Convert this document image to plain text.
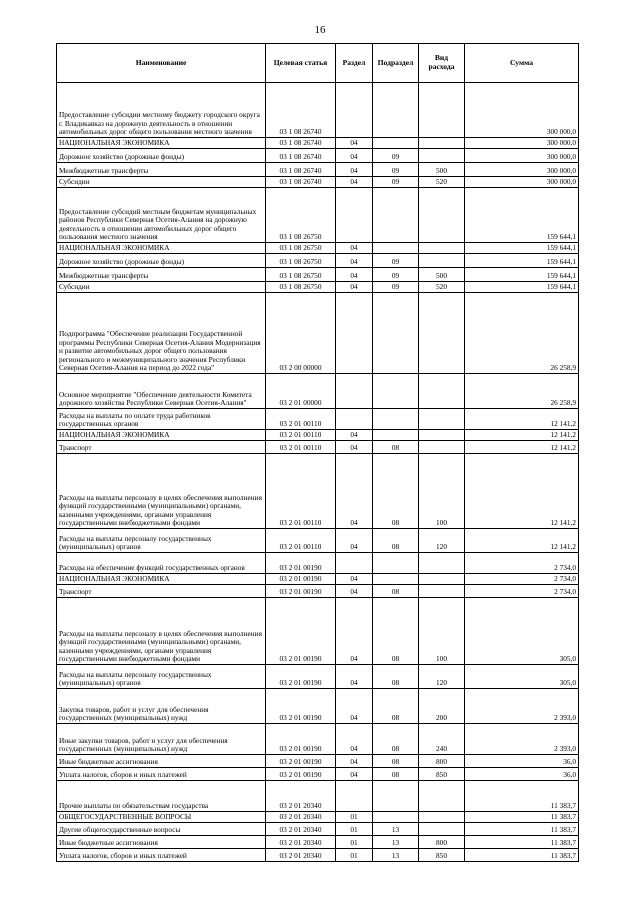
16
Наименование	Целевая статья	Раздел	Подраздел	Вид расхода	Сумма
Предоставление субсидии местному бюджету городского округа г. Владикавказ на дорожную деятельность в отношении автомобильных дорог общего пользования местного значения	03 1 08 26740				300 000,0
НАЦИОНАЛЬНАЯ ЭКОНОМИКА	03 1 08 26740	04			300 000,0
Дорожное хозяйство (дорожные фонды)	03 1 08 26740	04	09		300 000,0
Межбюджетные трансферты	03 1 08 26740	04	09	500	300 000,0
Субсидии	03 1 08 26740	04	09	520	300 000,0
Предоставление субсидий местным бюджетам муниципальных районов Республики Северная Осетия-Алания на дорожную деятельность в отношении автомобильных дорог общего пользования местного значения	03 1 08 26750				159 644,1
НАЦИОНАЛЬНАЯ ЭКОНОМИКА	03 1 08 26750	04			159 644,1
Дорожное хозяйство (дорожные фонды)	03 1 08 26750	04	09		159 644,1
Межбюджетные трансферты	03 1 08 26750	04	09	500	159 644,1
Субсидии	03 1 08 26750	04	09	520	159 644,1
Подпрограмма "Обеспечение реализации Государственной программы Республики Северная Осетия-Алания Модернизация и развитие автомобильных дорог общего пользования регионального и межмуниципального значения Республики Северная Осетия-Алания на период до 2022 года"	03 2 00 00000				26 258,9
Основное мероприятие "Обеспечение деятельности Комитета дорожного хозяйства Республики Северная Осетия-Алания"	03 2 01 00000				26 258,9
Расходы на выплаты по оплате труда работников государственных органов	03 2 01 00110				12 141,2
НАЦИОНАЛЬНАЯ ЭКОНОМИКА	03 2 01 00110	04			12 141,2
Транспорт	03 2 01 00110	04	08		12 141,2
Расходы на выплаты персоналу в целях обеспечения выполнения функций государственными (муниципальными) органами, казенными учреждениями, органами управления государственными внебюджетными фондами	03 2 01 00110	04	08	100	12 141,2
Расходы на выплаты персоналу государственных (муниципальных) органов	03 2 01 00110	04	08	120	12 141,2
Расходы на обеспечение функций государственных органов	03 2 01 00190				2 734,0
НАЦИОНАЛЬНАЯ ЭКОНОМИКА	03 2 01 00190	04			2 734,0
Транспорт	03 2 01 00190	04	08		2 734,0
Расходы на выплаты персоналу в целях обеспечения выполнения функций государственными (муниципальными) органами, казенными учреждениями, органами управления государственными внебюджетными фондами	03 2 01 00190	04	08	100	305,0
Расходы на выплаты персоналу государственных (муниципальных) органов	03 2 01 00190	04	08	120	305,0
Закупка товаров, работ и услуг для обеспечения государственных (муниципальных) нужд	03 2 01 00190	04	08	200	2 393,0
Иные закупки товаров, работ и услуг для обеспечения государственных (муниципальных) нужд	03 2 01 00190	04	08	240	2 393,0
Иные бюджетные ассигнования	03 2 01 00190	04	08	800	36,0
Уплата налогов, сборов и иных платежей	03 2 01 00190	04	08	850	36,0
Прочие выплаты по обязательствам государства	03 2 01 20340				11 383,7
ОБЩЕГОСУДАРСТВЕННЫЕ ВОПРОСЫ	03 2 01 20340	01			11 383,7
Другие общегосударственные вопросы	03 2 01 20340	01	13		11 383,7
Иные бюджетные ассигнования	03 2 01 20340	01	13	800	11 383,7
Уплата налогов, сборов и иных платежей	03 2 01 20340	01	13	850	11 383,7
